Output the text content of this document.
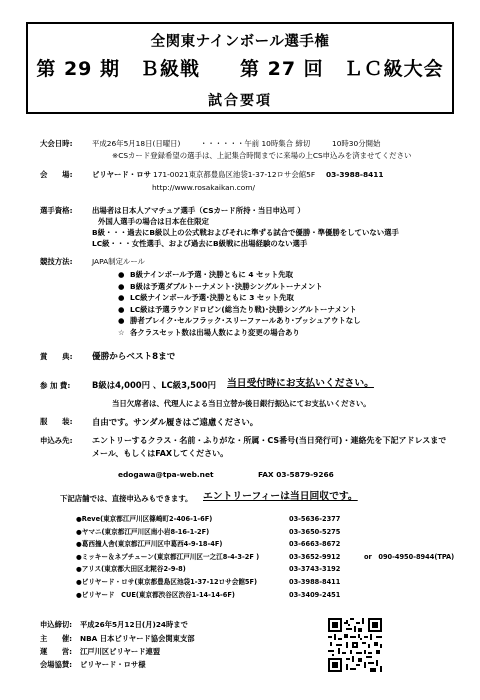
全関東ナインボール選手権
第 29 期　Ｂ級戦　　第 27 回　ＬＣ級大会
試合要項
大会日時:	平成26年5月18日(日曜日)	・・・・・・午前 10時集合 締切	10時30分開始
※CSカード登録希望の選手は、上記集合時間までに来場の上CS申込みを済ませてください
会　　場:	ビリヤード・ロサ 171-0021東京都豊島区池袋1-37-12ロサ会館5F 03-3988-8411
http://www.rosakaikan.com/
選手資格:	出場者は日本人アマチュア選手（CSカード所持・当日申込可 ）
外国人選手の場合は日本在住限定
B級・・・過去にB級以上の公式戦およびそれに準ずる試合で優勝・準優勝をしていない選手
LC級・・・女性選手、および過去にB級戦に出場経験のない選手
競技方法:	JAPA制定ルール
● B級ナインボール予選・決勝ともに 4 セット先取
● B級は予選ダブルトーナメント･決勝シングルトーナメント
● LC級ナインボール予選･決勝ともに 3 セット先取
● LC級は予選ラウンドロビン(総当たり戦)･決勝シングルトーナメント
● 勝者ブレイク･セルフラック･スリーファールあり･プッシュアウトなし
☆ 各クラスセット数は出場人数により変更の場合あり
賞　　典: 優勝からベスト8まで
参 加 費:	B級は4,000円 、LC級3,500円 当日受付時にお支払いください。
当日欠席者は、代理人による当日立替か後日銀行振込にてお支払いください。
服　　装: 自由です。サンダル履きはご遠慮ください。
申込み先: エントリーするクラス・名前・ふりがな・所属・CS番号(当日発行可)・連絡先を下記アドレスまで
メール、もしくはFAXしてください。
edogawa@tpa-web.net	FAX 03-5879-9266
下記店舗では、直接申込みもできます。 エントリーフィーは当日回収です。
●Reve(東京都江戸川区篠崎町2-406-1-6F)	03-5636-2377
●ヤマニ(東京都江戸川区南小岩8-16-1-2F)	03-3650-5275
●葛西撞人舎(東京都江戸川区中葛西4-9-18-4F)	03-6663-8672
●ミッキー＆ネプチューン(東京都江戸川区一之江8-4-3-2F )	03-3652-9912	or　090-4950-8944(TPA)
●アリス(東京都大田区北糀谷2-9-8)	03-3743-3192
●ビリヤード・ロサ(東京都豊島区池袋1-37-12ロサ会館5F)	03-3988-8411
●ビリヤード　CUE(東京都渋谷区渋谷1-14-14-6F)	03-3409-2451
申込締切: 平成26年5月12日(月)24時まで
主　　催: NBA 日本ビリヤード協会関東支部
運　　営: 江戸川区ビリヤード連盟
会場協賛: ビリヤード・ロサ様
